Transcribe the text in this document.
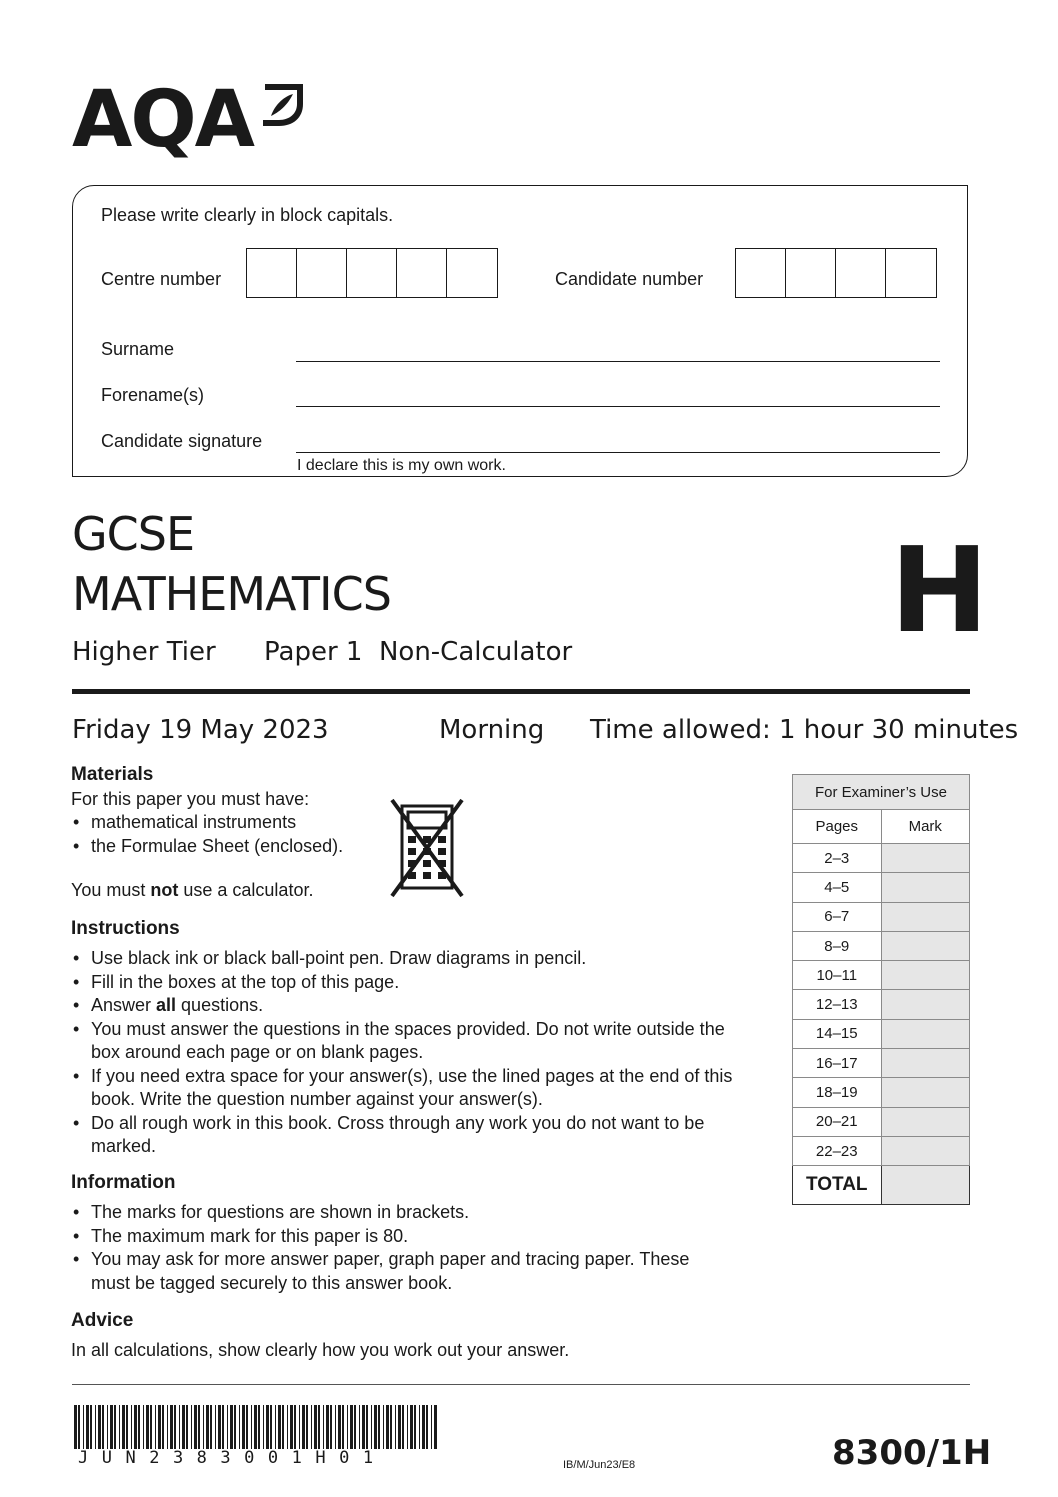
AQA
Please write clearly in block capitals.
Centre number	Candidate number
Surname
Forename(s)
Candidate signature
I declare this is my own work.
GCSE
MATHEMATICS
Higher Tier Paper 1  Non-Calculator	H
Friday 19 May 2023	Morning Time allowed: 1 hour 30 minutes
Materials
For this paper you must have:
• mathematical instruments
• the Formulae Sheet (enclosed).
You must not use a calculator.
Instructions
• Use black ink or black ball-point pen. Draw diagrams in pencil.
• Fill in the boxes at the top of this page.
• Answer all questions.
• You must answer the questions in the spaces provided. Do not write outside the box around each page or on blank pages.
• If you need extra space for your answer(s), use the lined pages at the end of this book. Write the question number against your answer(s).
• Do all rough work in this book. Cross through any work you do not want to be marked.
Information
• The marks for questions are shown in brackets.
• The maximum mark for this paper is 80.
• You may ask for more answer paper, graph paper and tracing paper. These must be tagged securely to this answer book.
Advice
In all calculations, show clearly how you work out your answer.
For Examiner’s Use	
Pages	Mark
2–3	
4–5	
6–7	
8–9	
10–11	
12–13	
14–15	
16–17	
18–19	
20–21	
22–23	
TOTAL	
JUN2383001H01	IB/M/Jun23/E8	8300/1H
